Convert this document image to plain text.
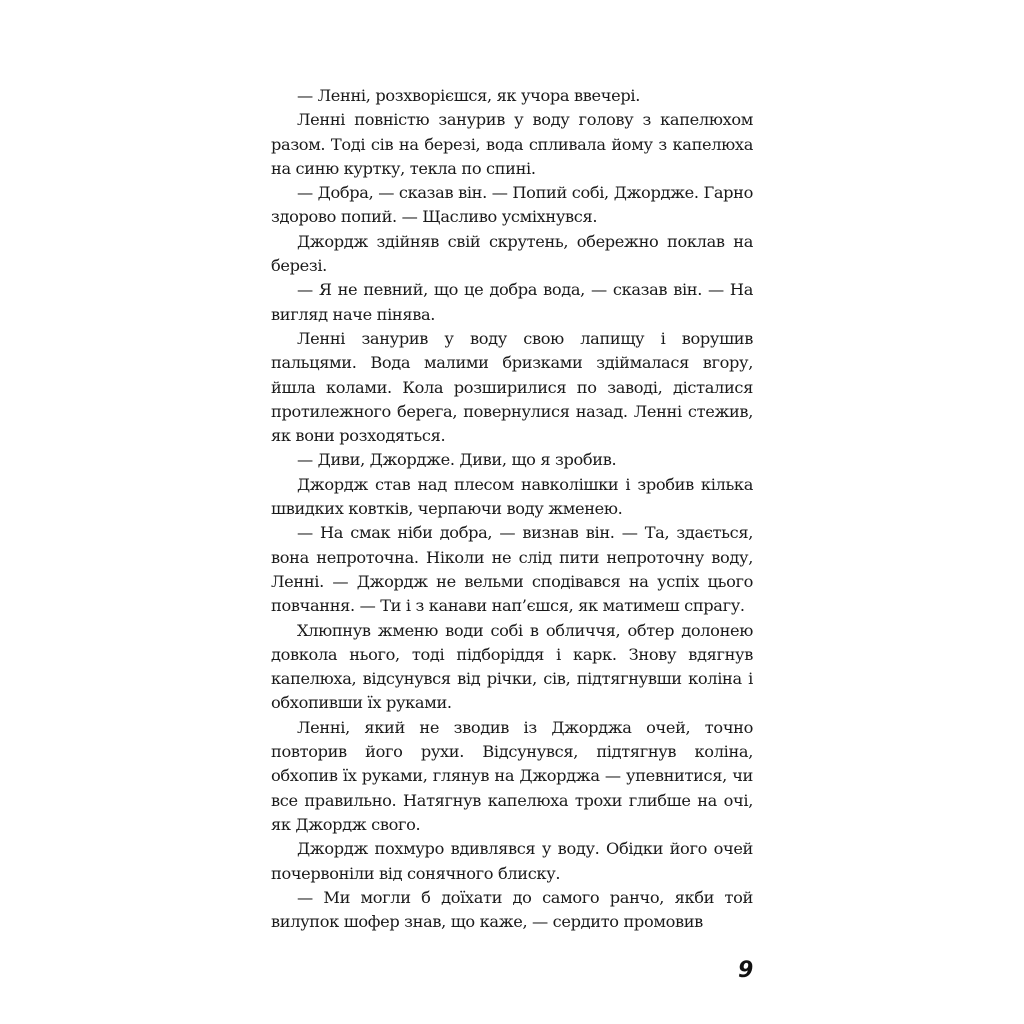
— Ленні, розхворієшся, як учора ввечері.

Ленні повністю занурив у воду голову з капелюхом разом. Тоді сів на березі, вода спливала йому з капелюха на синю куртку, текла по спині.

— Добра, — сказав він. — Попий собі, Джордже. Гарно здорово попий. — Щасливо усміхнувся.

Джордж здійняв свій скрутень, обережно поклав на березі.

— Я не певний, що це добра вода, — сказав він. — На вигляд наче пінява.

Ленні занурив у воду свою лапищу і ворушив пальцями. Вода малими бризками здіймалася вгору, йшла колами. Кола розширилися по заводі, дісталися протилежного берега, повернулися назад. Ленні стежив, як вони розходяться.

— Диви, Джордже. Диви, що я зробив.

Джордж став над плесом навколішки і зробив кілька швидких ковтків, черпаючи воду жменею.

— На смак ніби добра, — визнав він. — Та, здається, вона непроточна. Ніколи не слід пити непроточну воду, Ленні. — Джордж не вельми сподівався на успіх цього повчання. — Ти і з канави нап’єшся, як матимеш спрагу.

Хлюпнув жменю води собі в обличчя, обтер долонею довкола нього, тоді підборіддя і карк. Знову вдягнув капелюха, відсунувся від річки, сів, підтягнувши коліна і обхопивши їх руками.

Ленні, який не зводив із Джорджа очей, точно повторив його рухи. Відсунувся, підтягнув коліна, обхопив їх руками, глянув на Джорджа — упевнитися, чи все правильно. Натягнув капелюха трохи глибше на очі, як Джордж свого.

Джордж похмуро вдивлявся у воду. Обідки його очей почервоніли від сонячного блиску.

— Ми могли б доїхати до самого ранчо, якби той вилупок шофер знав, що каже, — сердито промовив

9
